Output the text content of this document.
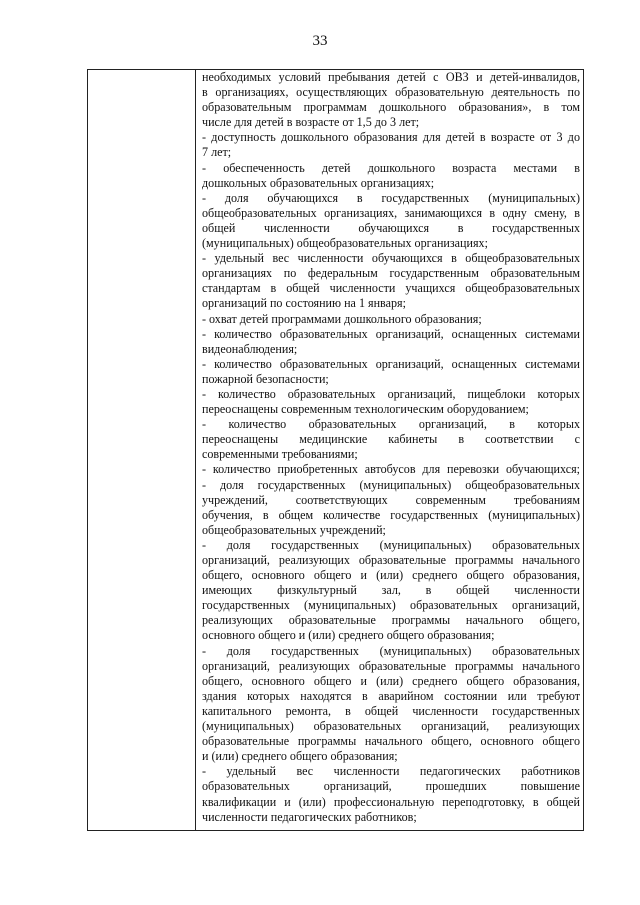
33

необходимых условий пребывания детей с ОВЗ и детей-инвалидов,
в организациях, осуществляющих образовательную деятельность по
образовательным программам дошкольного образования», в том
числе для детей в возрасте от 1,5 до 3 лет;
- доступность дошкольного образования для детей в возрасте от 3 до
7 лет;
- обеспеченность детей дошкольного возраста местами в
дошкольных образовательных организациях;
- доля обучающихся в государственных (муниципальных)
общеобразовательных организациях, занимающихся в одну смену, в
общей численности обучающихся в государственных
(муниципальных) общеобразовательных организациях;
- удельный вес численности обучающихся в общеобразовательных
организациях по федеральным государственным образовательным
стандартам в общей численности учащихся общеобразовательных
организаций по состоянию на 1 января;
- охват детей программами дошкольного образования;
- количество образовательных организаций, оснащенных системами
видеонаблюдения;
- количество образовательных организаций, оснащенных системами
пожарной безопасности;
- количество образовательных организаций, пищеблоки которых
переоснащены современным технологическим оборудованием;
- количество образовательных организаций, в которых
переоснащены медицинские кабинеты в соответствии с
современными требованиями;
- количество приобретенных автобусов для перевозки обучающихся;
- доля государственных (муниципальных) общеобразовательных
учреждений, соответствующих современным требованиям
обучения, в общем количестве государственных (муниципальных)
общеобразовательных учреждений;
- доля государственных (муниципальных) образовательных
организаций, реализующих образовательные программы начального
общего, основного общего и (или) среднего общего образования,
имеющих физкультурный зал, в общей численности
государственных (муниципальных) образовательных организаций,
реализующих образовательные программы начального общего,
основного общего и (или) среднего общего образования;
- доля государственных (муниципальных) образовательных
организаций, реализующих образовательные программы начального
общего, основного общего и (или) среднего общего образования,
здания которых находятся в аварийном состоянии или требуют
капитального ремонта, в общей численности государственных
(муниципальных) образовательных организаций, реализующих
образовательные программы начального общего, основного общего
и (или) среднего общего образования;
- удельный вес численности педагогических работников
образовательных организаций, прошедших повышение
квалификации и (или) профессиональную переподготовку, в общей
численности педагогических работников;
